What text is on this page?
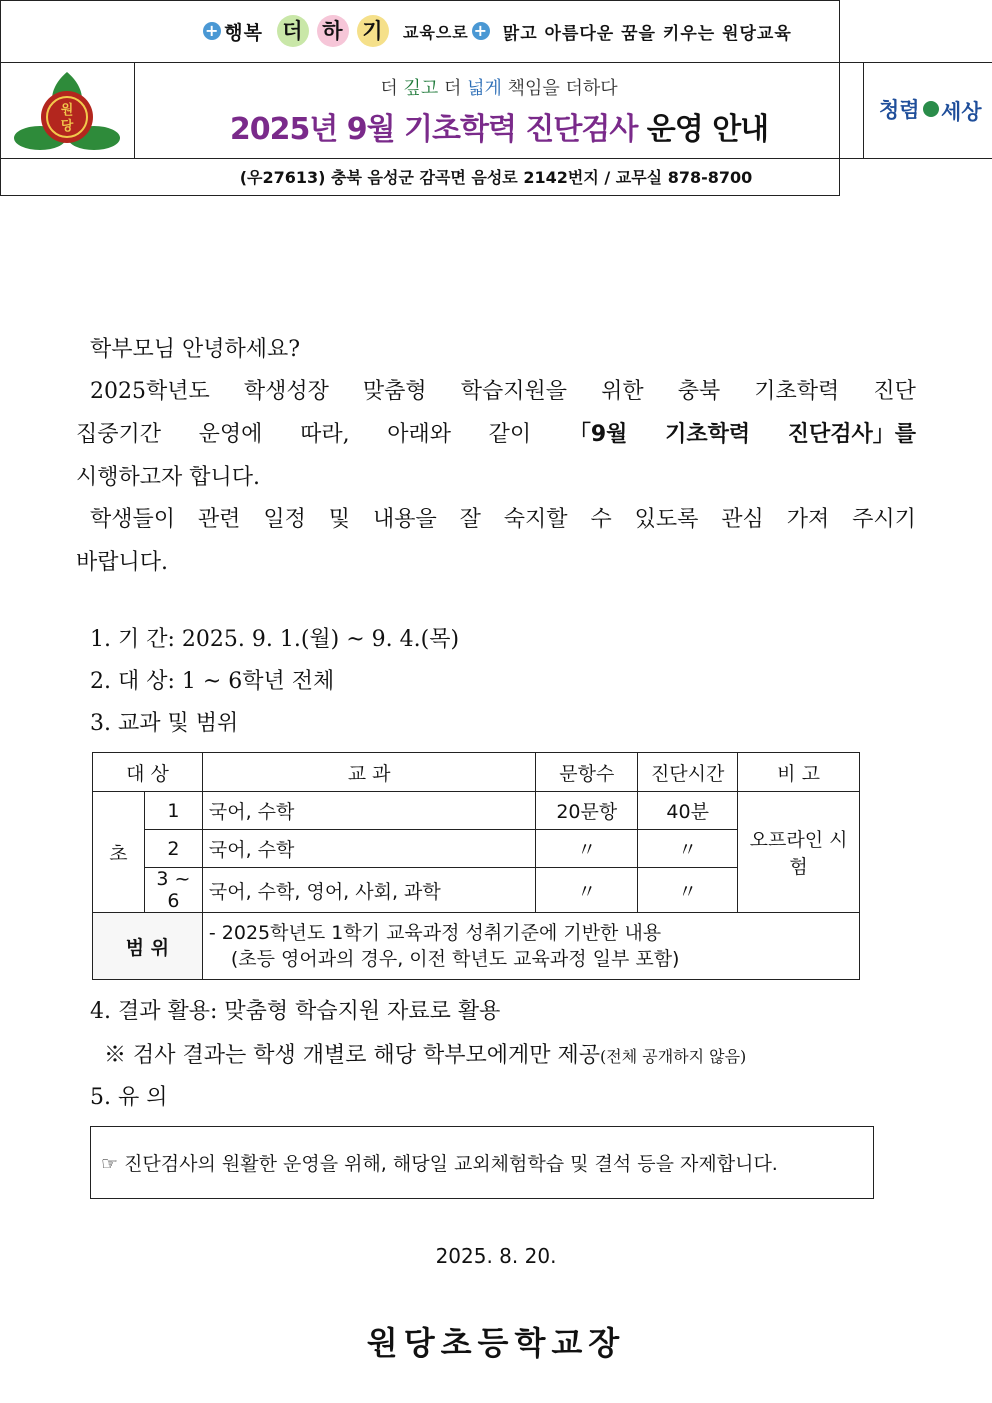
+ 행복 더 하 기	교육으로 + 맑고 아름다운 꿈을 키우는 원당교육
원
당
더 깊고 더 넓게 책임을 더하다
2025년 9월 기초학력 진단검사 운영 안내
청렴 세상
(우27613) 충북 음성군 감곡면 음성로 2142번지 / 교무실 878-8700
학부모님 안녕하세요?
2025학년도 학생성장 맞춤형 학습지원을 위한 충북 기초학력 진단
집중기간 운영에 따라, 아래와 같이 「9월 기초학력 진단검사」를
시행하고자 합니다.
학생들이 관련 일정 및 내용을 잘 숙지할 수 있도록 관심 가져 주시기
바랍니다.
1. 기 간: 2025. 9. 1.(월) ~ 9. 4.(목)
2. 대 상: 1 ~ 6학년 전체
3. 교과 및 범위
4. 결과 활용: 맞춤형 학습지원 자료로 활용
※ 검사 결과는 학생 개별로 해당 학부모에게만 제공(전체 공개하지 않음)
5. 유 의
대 상		교 과	문항수	진단시간	비 고
초	1	국어, 수학	20문항	40분	오프라인 시험
	2	국어, 수학	〃	〃	
	3 ~ 6	국어, 수학, 영어, 사회, 과학	〃	〃	
범 위		- 2025학년도 1학기 교육과정 성취기준에 기반한 내용
(초등 영어과의 경우, 이전 학년도 교육과정 일부 포함)			
☞ 진단검사의 원활한 운영을 위해, 해당일 교외체험학습 및 결석 등을 자제합니다.
2025. 8. 20.
원당초등학교장
